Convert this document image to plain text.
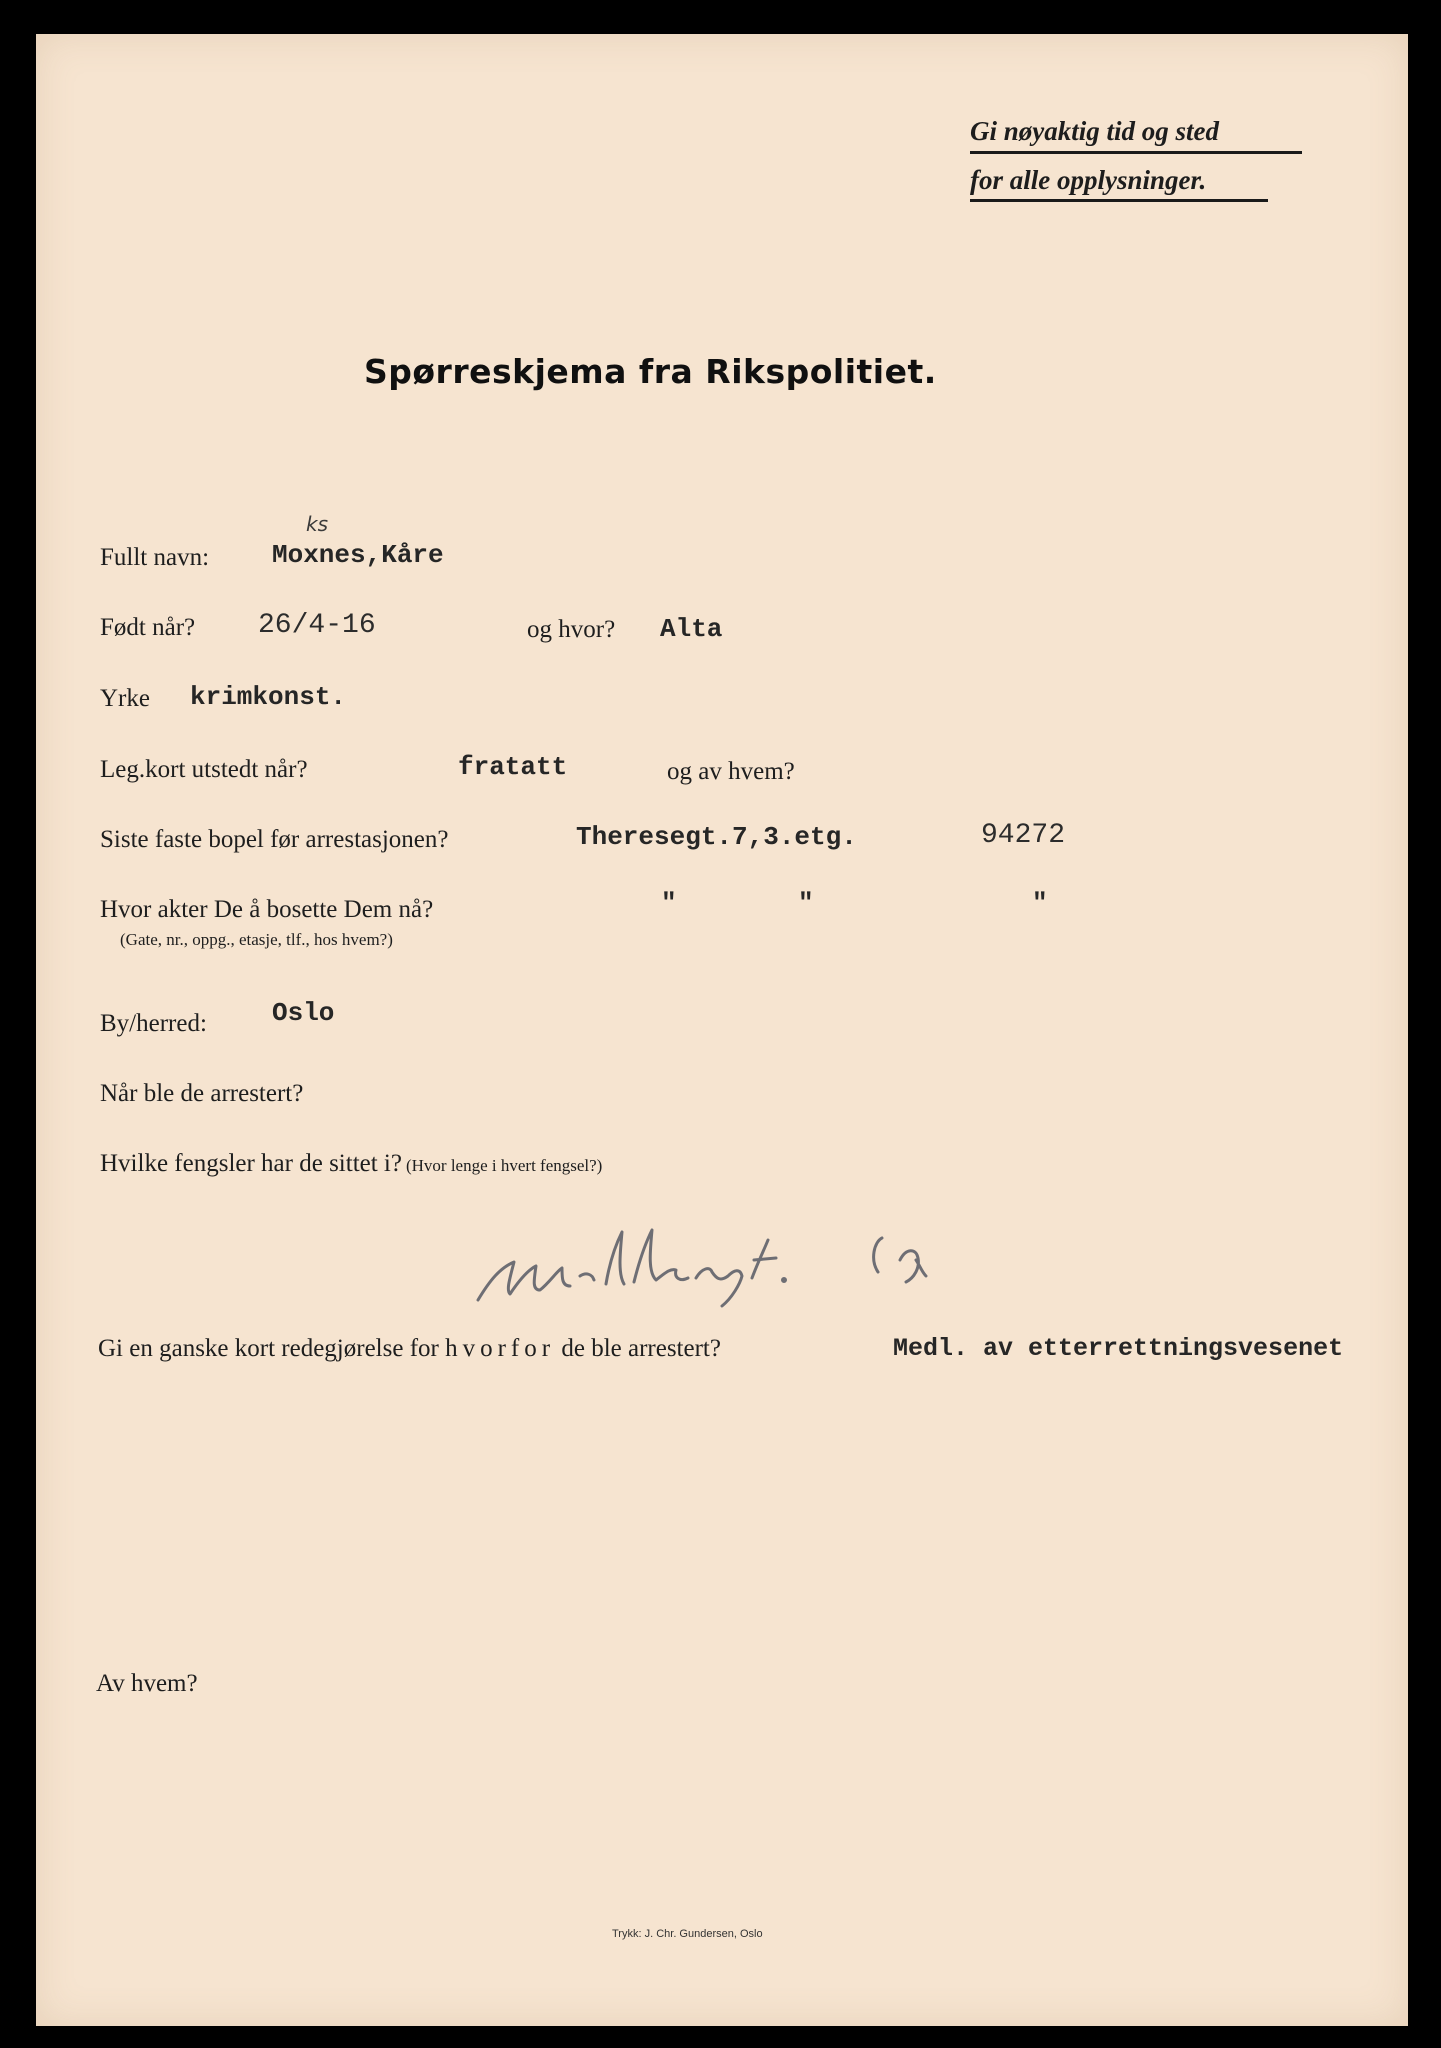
Gi nøyaktig tid og sted
for alle opplysninger.
Spørreskjema fra Rikspolitiet.
Fullt navn: Moxnes,Kåre
ks
Født når? 26/4-16	og hvor? Alta
Yrke krimkonst.
Leg.kort utstedt når?	fratatt	og av hvem?
Siste faste bopel før arrestasjonen?	Theresegt.7,3.etg.	94272
Hvor akter De å bosette Dem nå?
(Gate, nr., oppg., etasje, tlf., hos hvem?)
"	"	"
By/herred:	Oslo
Når ble de arrestert?
Hvilke fengsler har de sittet i? (Hvor lenge i hvert fengsel?)
Gi en ganske kort redegjørelse for hvorfor de ble arrestert?	Medl. av etterrettningsvesenet
Av hvem?
Trykk: J. Chr. Gundersen, Oslo
